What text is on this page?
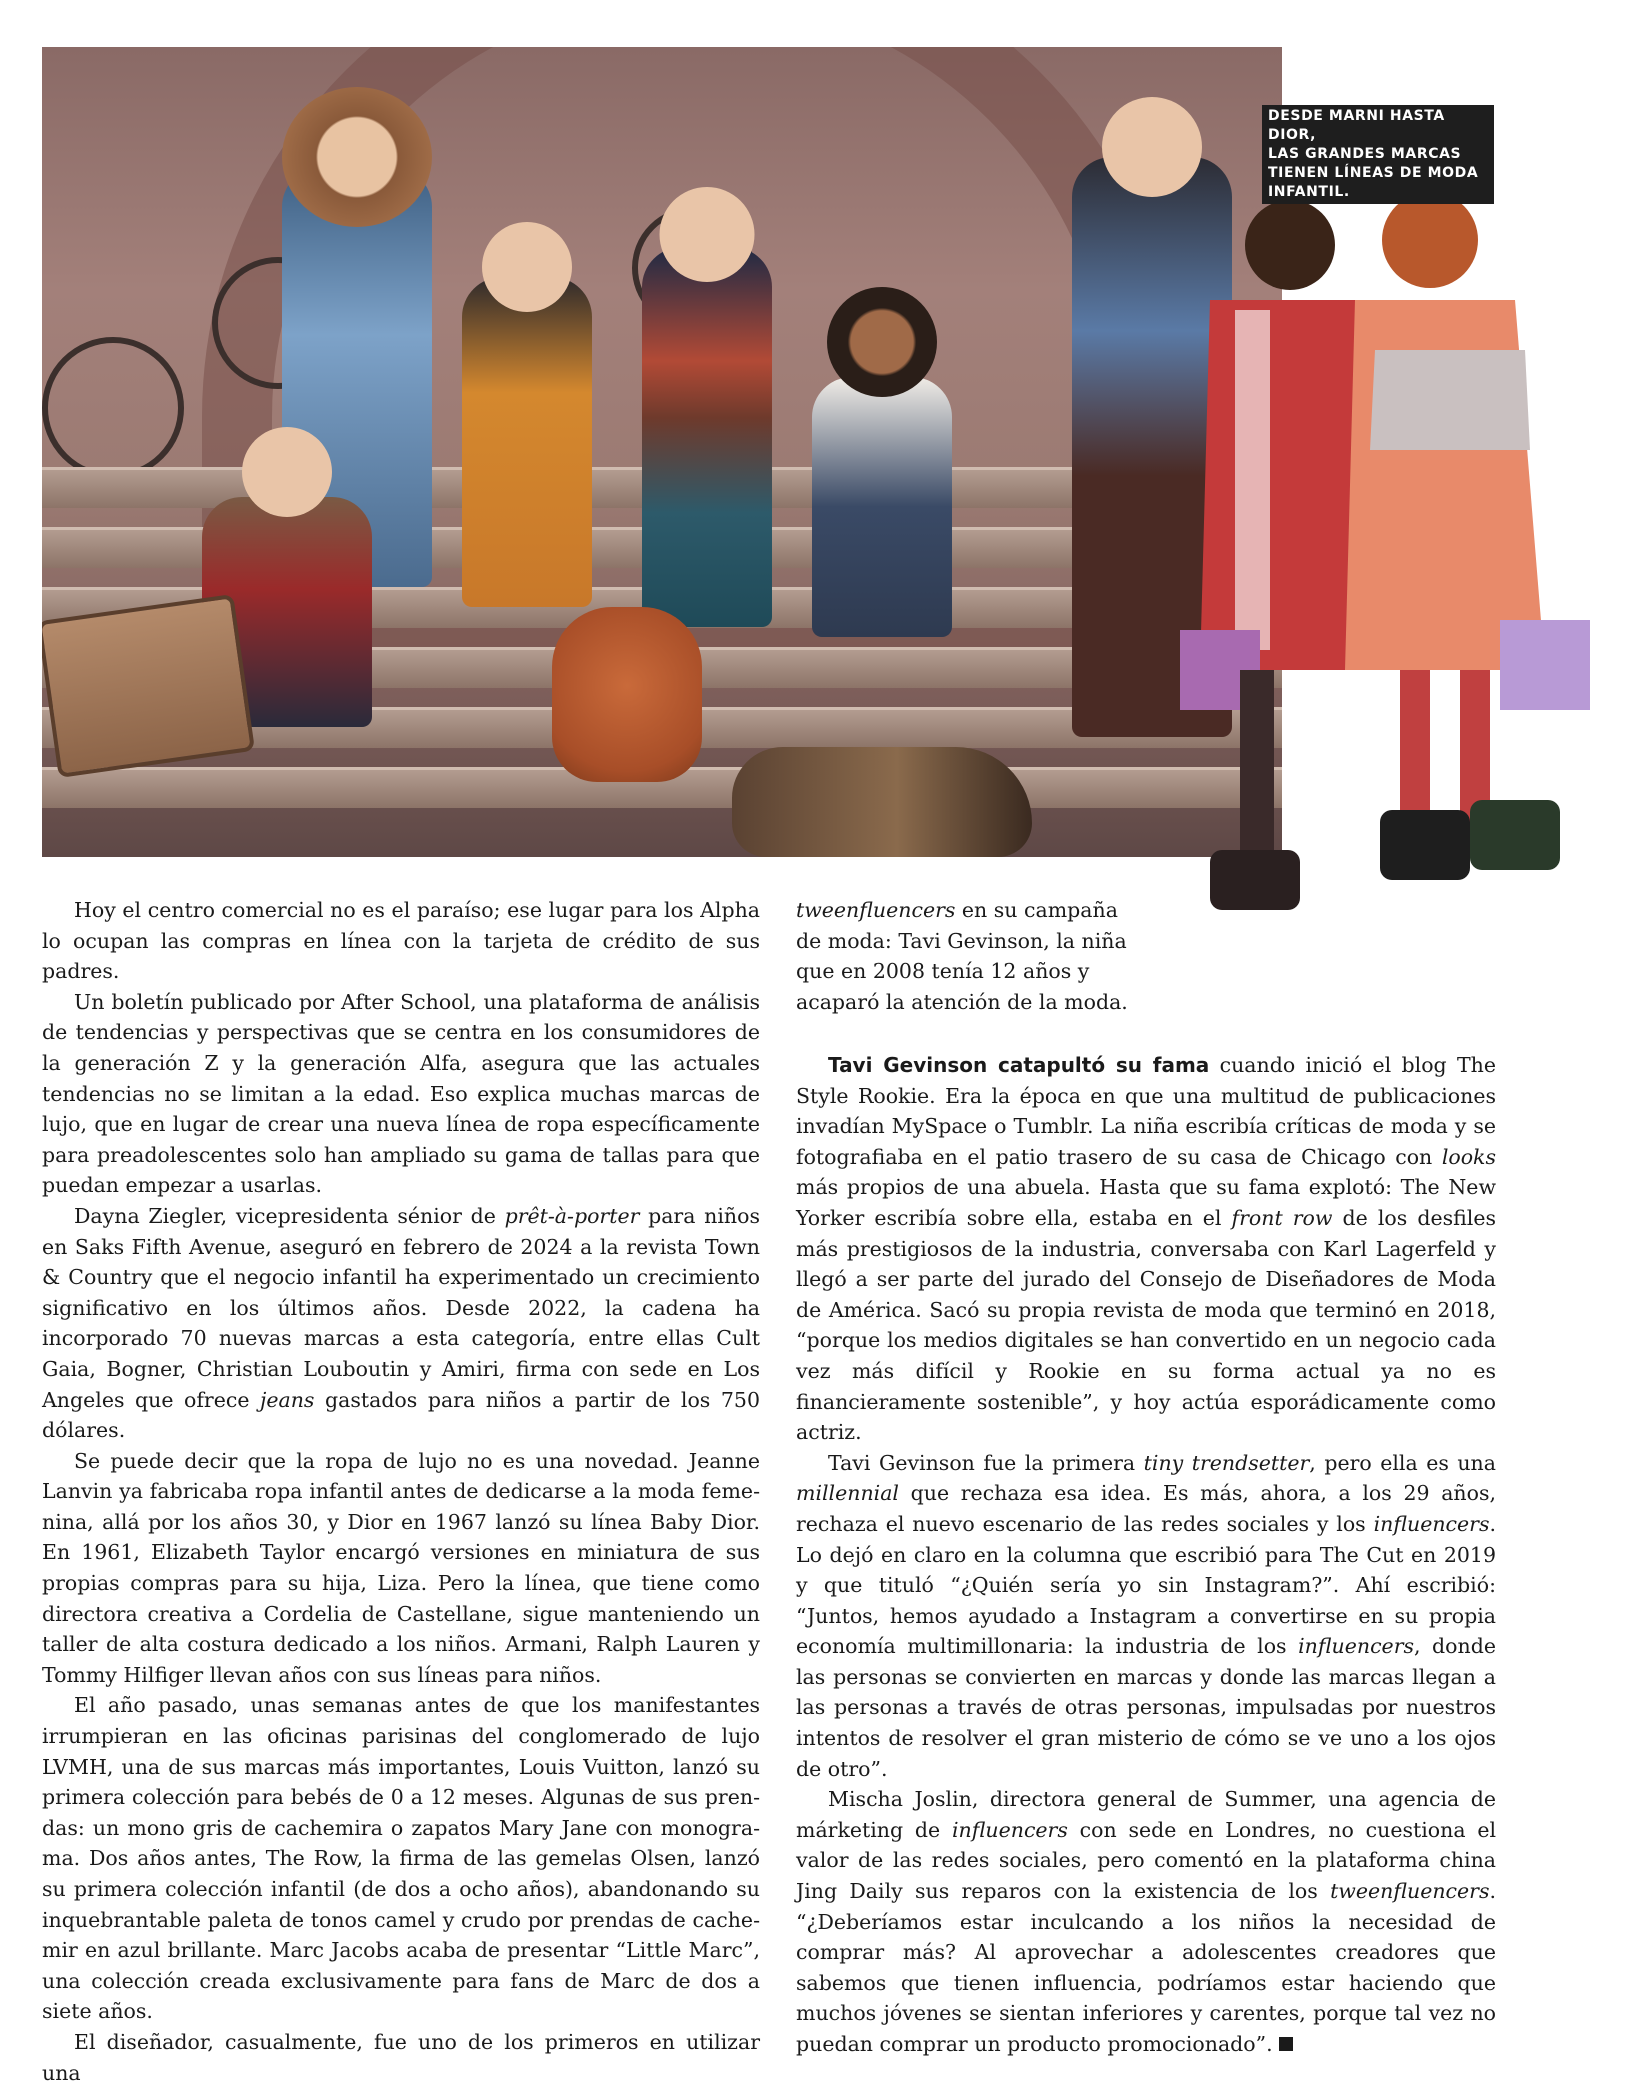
DESDE MARNI HASTA DIOR,
LAS GRANDES MARCAS
TIENEN LÍNEAS DE MODA
INFANTIL.

Hoy el centro comercial no es el paraíso; ese lugar para los Alpha lo ocupan las compras en línea con la tarjeta de crédito de sus padres.

Un boletín publicado por After School, una plataforma de análisis de tendencias y perspectivas que se centra en los consumidores de la generación Z y la generación Alfa, asegura que las actuales tendencias no se limitan a la edad. Eso explica muchas marcas de lujo, que en lugar de crear una nueva línea de ropa específicamente para preadolescentes solo han ampliado su gama de tallas para que puedan empezar a usarlas.

Dayna Ziegler, vicepresidenta sénior de prêt-à-porter para niños en Saks Fifth Avenue, aseguró en febrero de 2024 a la revista Town & Country que el negocio infantil ha experimentado un crecimiento significativo en los últimos años. Desde 2022, la cadena ha incorporado 70 nuevas marcas a esta categoría, entre ellas Cult Gaia, Bogner, Christian Louboutin y Amiri, firma con sede en Los Angeles que ofrece jeans gastados para niños a partir de los 750 dólares.

Se puede decir que la ropa de lujo no es una novedad. Jeanne Lanvin ya fabricaba ropa infantil antes de dedicarse a la moda femenina, allá por los años 30, y Dior en 1967 lanzó su línea Baby Dior. En 1961, Elizabeth Taylor encargó versiones en miniatura de sus propias compras para su hija, Liza. Pero la línea, que tiene como directora creativa a Cordelia de Castellane, sigue manteniendo un taller de alta costura dedicado a los niños. Armani, Ralph Lauren y Tommy Hilfiger llevan años con sus líneas para niños.

El año pasado, unas semanas antes de que los manifestantes irrumpieran en las oficinas parisinas del conglomerado de lujo LVMH, una de sus marcas más importantes, Louis Vuitton, lanzó su primera colección para bebés de 0 a 12 meses. Algunas de sus prendas: un mono gris de cachemira o zapatos Mary Jane con monograma. Dos años antes, The Row, la firma de las gemelas Olsen, lanzó su primera colección infantil (de dos a ocho años), abandonando su inquebrantable paleta de tonos camel y crudo por prendas de cachemir en azul brillante. Marc Jacobs acaba de presentar “Little Marc”, una colección creada exclusivamente para fans de Marc de dos a siete años.

El diseñador, casualmente, fue uno de los primeros en utilizar una

tweenfluencers en su campaña de moda: Tavi Gevinson, la niña que en 2008 tenía 12 años y acaparó la atención de la moda.

Tavi Gevinson catapultó su fama cuando inició el blog The Style Rookie. Era la época en que una multitud de publicaciones invadían MySpace o Tumblr. La niña escribía críticas de moda y se fotografiaba en el patio trasero de su casa de Chicago con looks más propios de una abuela. Hasta que su fama explotó: The New Yorker escribía sobre ella, estaba en el front row de los desfiles más prestigiosos de la industria, conversaba con Karl Lagerfeld y llegó a ser parte del jurado del Consejo de Diseñadores de Moda de América. Sacó su propia revista de moda que terminó en 2018, “porque los medios digitales se han convertido en un negocio cada vez más difícil y Rookie en su forma actual ya no es financieramente sostenible”, y hoy actúa esporádicamente como actriz.

Tavi Gevinson fue la primera tiny trendsetter, pero ella es una millennial que rechaza esa idea. Es más, ahora, a los 29 años, rechaza el nuevo escenario de las redes sociales y los influencers. Lo dejó en claro en la columna que escribió para The Cut en 2019 y que tituló “¿Quién sería yo sin Instagram?”. Ahí escribió: “Juntos, hemos ayudado a Instagram a convertirse en su propia economía multimillonaria: la industria de los influencers, donde las personas se convierten en marcas y donde las marcas llegan a las personas a través de otras personas, impulsadas por nuestros intentos de resolver el gran misterio de cómo se ve uno a los ojos de otro”.

Mischa Joslin, directora general de Summer, una agencia de márketing de influencers con sede en Londres, no cuestiona el valor de las redes sociales, pero comentó en la plataforma china Jing Daily sus reparos con la existencia de los tweenfluencers. “¿Deberíamos estar inculcando a los niños la necesidad de comprar más? Al aprovechar a adolescentes creadores que sabemos que tienen influencia, podríamos estar haciendo que muchos jóvenes se sientan inferiores y carentes, porque tal vez no puedan comprar un producto promocionado”.
